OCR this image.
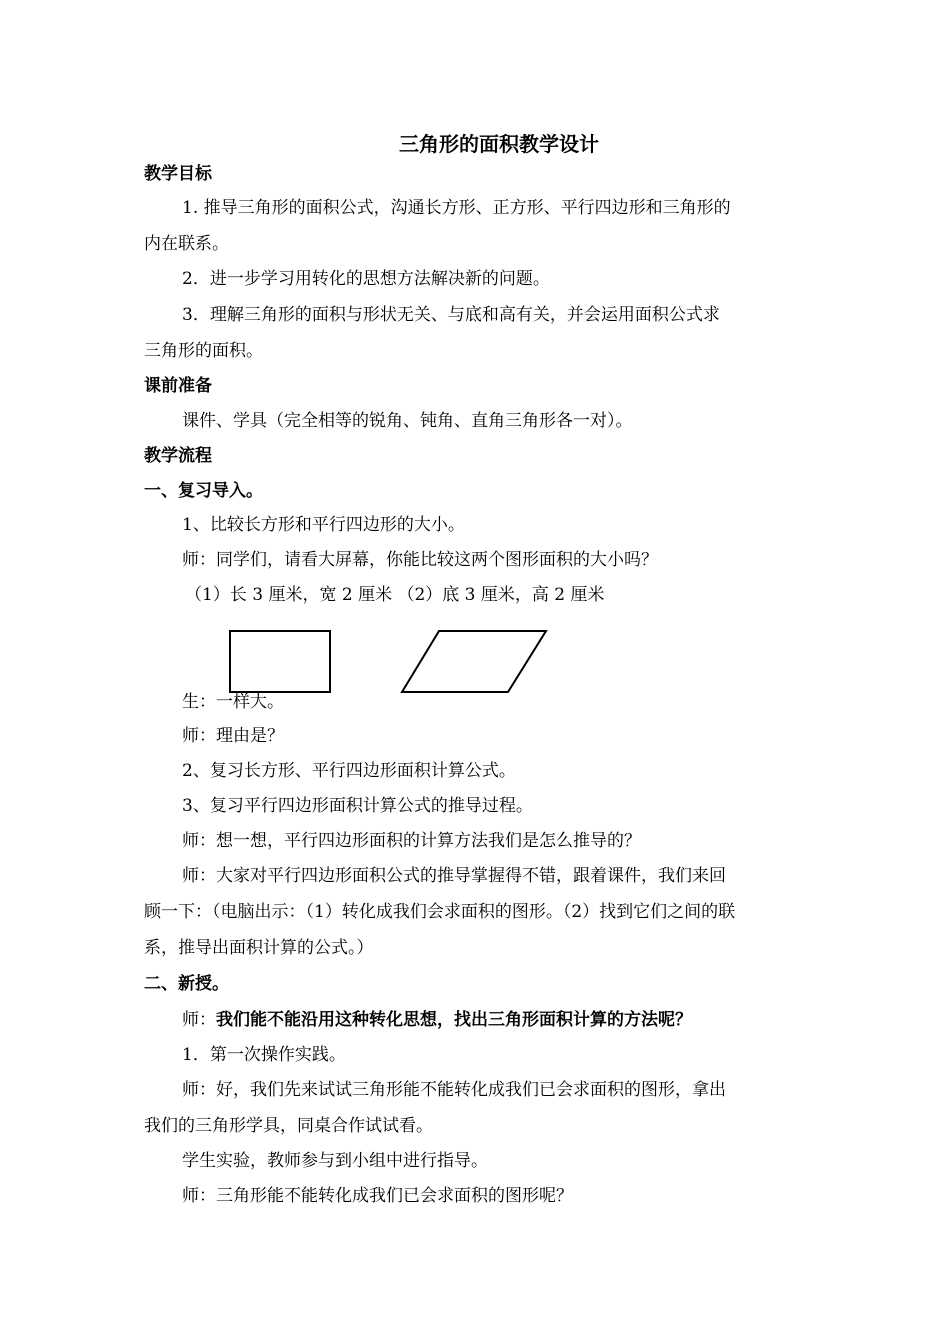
三角形的面积教学设计
教学目标
1. 推导三角形的面积公式，沟通长方形、正方形、平行四边形和三角形的
内在联系。
2．进一步学习用转化的思想方法解决新的问题。
3．理解三角形的面积与形状无关、与底和高有关，并会运用面积公式求
三角形的面积。
课前准备
课件、学具（完全相等的锐角、钝角、直角三角形各一对）。
教学流程
一、复习导入。
1、比较长方形和平行四边形的大小。
师：同学们，请看大屏幕，你能比较这两个图形面积的大小吗？
（1）长 3 厘米，宽 2 厘米 （2）底 3 厘米，高 2 厘米
生：一样大。
师：理由是？
2、复习长方形、平行四边形面积计算公式。
3、复习平行四边形面积计算公式的推导过程。
师：想一想，平行四边形面积的计算方法我们是怎么推导的？
师：大家对平行四边形面积公式的推导掌握得不错，跟着课件，我们来回
顾一下：（电脑出示：（1）转化成我们会求面积的图形。（2）找到它们之间的联
系，推导出面积计算的公式。）
二、新授。
师：我们能不能沿用这种转化思想，找出三角形面积计算的方法呢？
1．第一次操作实践。
师：好，我们先来试试三角形能不能转化成我们已会求面积的图形，拿出
我们的三角形学具，同桌合作试试看。
学生实验，教师参与到小组中进行指导。
师：三角形能不能转化成我们已会求面积的图形呢？
